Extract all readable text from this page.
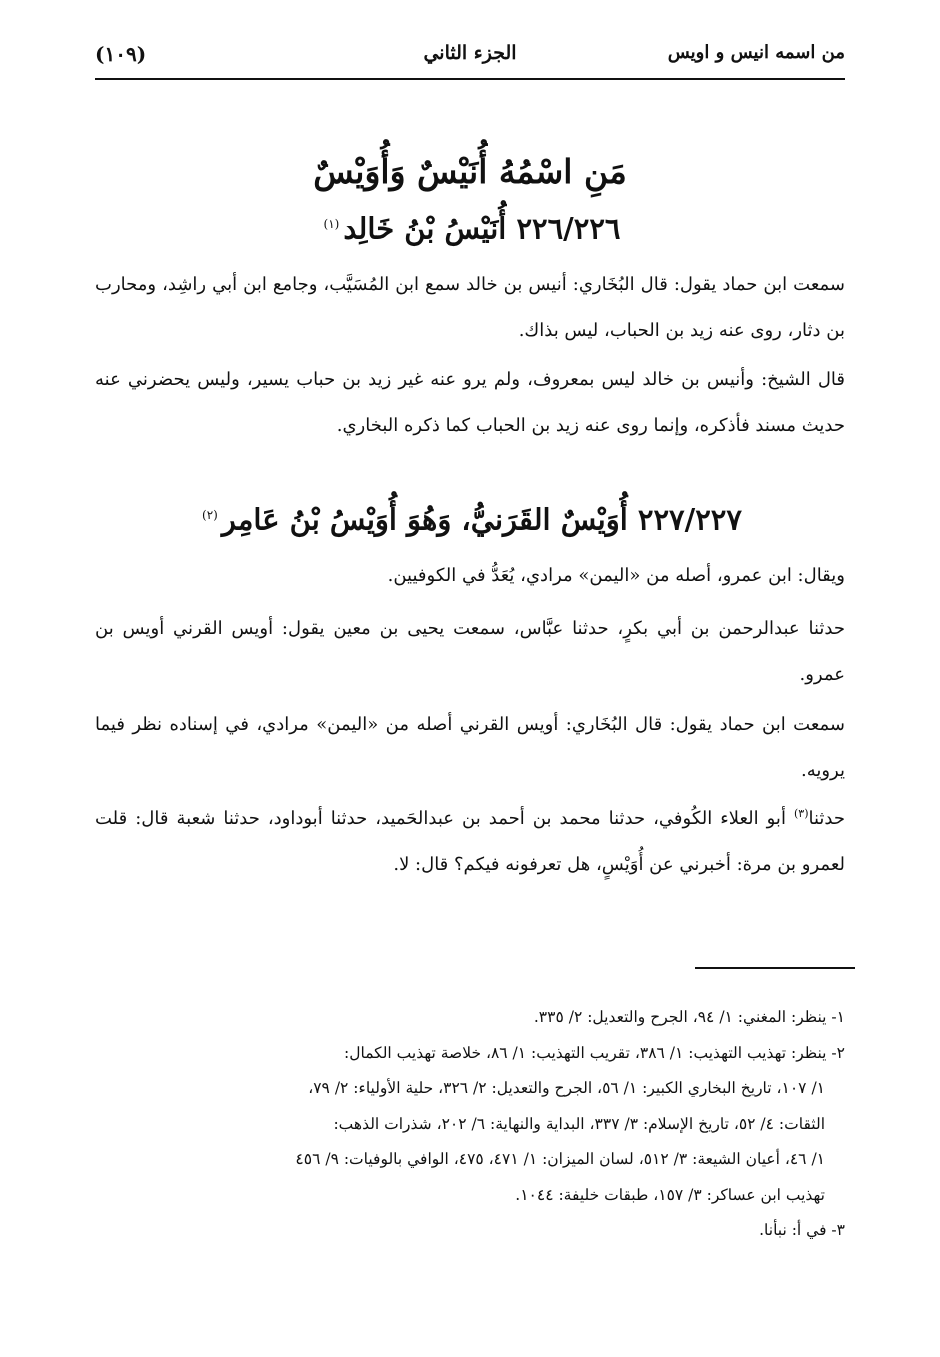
من اسمه انيس و اويس
الجزء الثاني
(١٠٩)
مَنِ اسْمُهُ أُنَيْسٌ وَأُوَيْسٌ
٢٢٦/٢٢٦ أُنَيْسُ بْنُ خَالِد$^{(١)}$

سمعت ابن حماد يقول: قال البُخَاري: أنيس بن خالد سمع ابن المُسَيَّب، وجامع ابن أبي راشِد، ومحارب بن دثار، روى عنه زيد بن الحباب، ليس بذاك.

قال الشيخ: وأنيس بن خالد ليس بمعروف، ولم يرو عنه غير زيد بن حباب يسير، وليس يحضرني عنه حديث مسند فأذكره، وإنما روى عنه زيد بن الحباب كما ذكره البخاري.

٢٢٧/٢٢٧ أُوَيْسٌ القَرَنيُّ، وَهُوَ أُوَيْسُ بْنُ عَامِر$^{(٢)}$

ويقال: ابن عمرو، أصله من «اليمن» مرادي، يُعَدُّ في الكوفيين.

حدثنا عبدالرحمن بن أبي بكرٍ، حدثنا عبَّاس، سمعت يحيى بن معين يقول: أويس القرني أويس بن عمرو.

سمعت ابن حماد يقول: قال البُخَاري: أويس القرني أصله من «اليمن» مرادي، في إسناده نظر فيما يرويه.

حدثنا$^{(٣)}$ أبو العلاء الكُوفي، حدثنا محمد بن أحمد بن عبدالحَميد، حدثنا أبوداود، حدثنا شعبة قال: قلت لعمرو بن مرة: أخبرني عن أُوَيْسٍ، هل تعرفونه فيكم؟ قال: لا.

١- ينظر: المغني: ١/ ٩٤، الجرح والتعديل: ٢/ ٣٣٥.

٢- ينظر: تهذيب التهذيب: ١/ ٣٨٦، تقريب التهذيب: ١/ ٨٦، خلاصة تهذيب الكمال:
١/ ١٠٧، تاريخ البخاري الكبير: ١/ ٥٦، الجرح والتعديل: ٢/ ٣٢٦، حلية الأولياء: ٢/ ٧٩،
الثقات: ٤/ ٥٢، تاريخ الإسلام: ٣/ ٣٣٧، البداية والنهاية: ٦/ ٢٠٢، شذرات الذهب:
١/ ٤٦، أعيان الشيعة: ٣/ ٥١٢، لسان الميزان: ١/ ٤٧١، ٤٧٥، الوافي بالوفيات: ٩/ ٤٥٦
تهذيب ابن عساكر: ٣/ ١٥٧، طبقات خليفة: ١٠٤٤.

٣- في أ: نبأنا.
